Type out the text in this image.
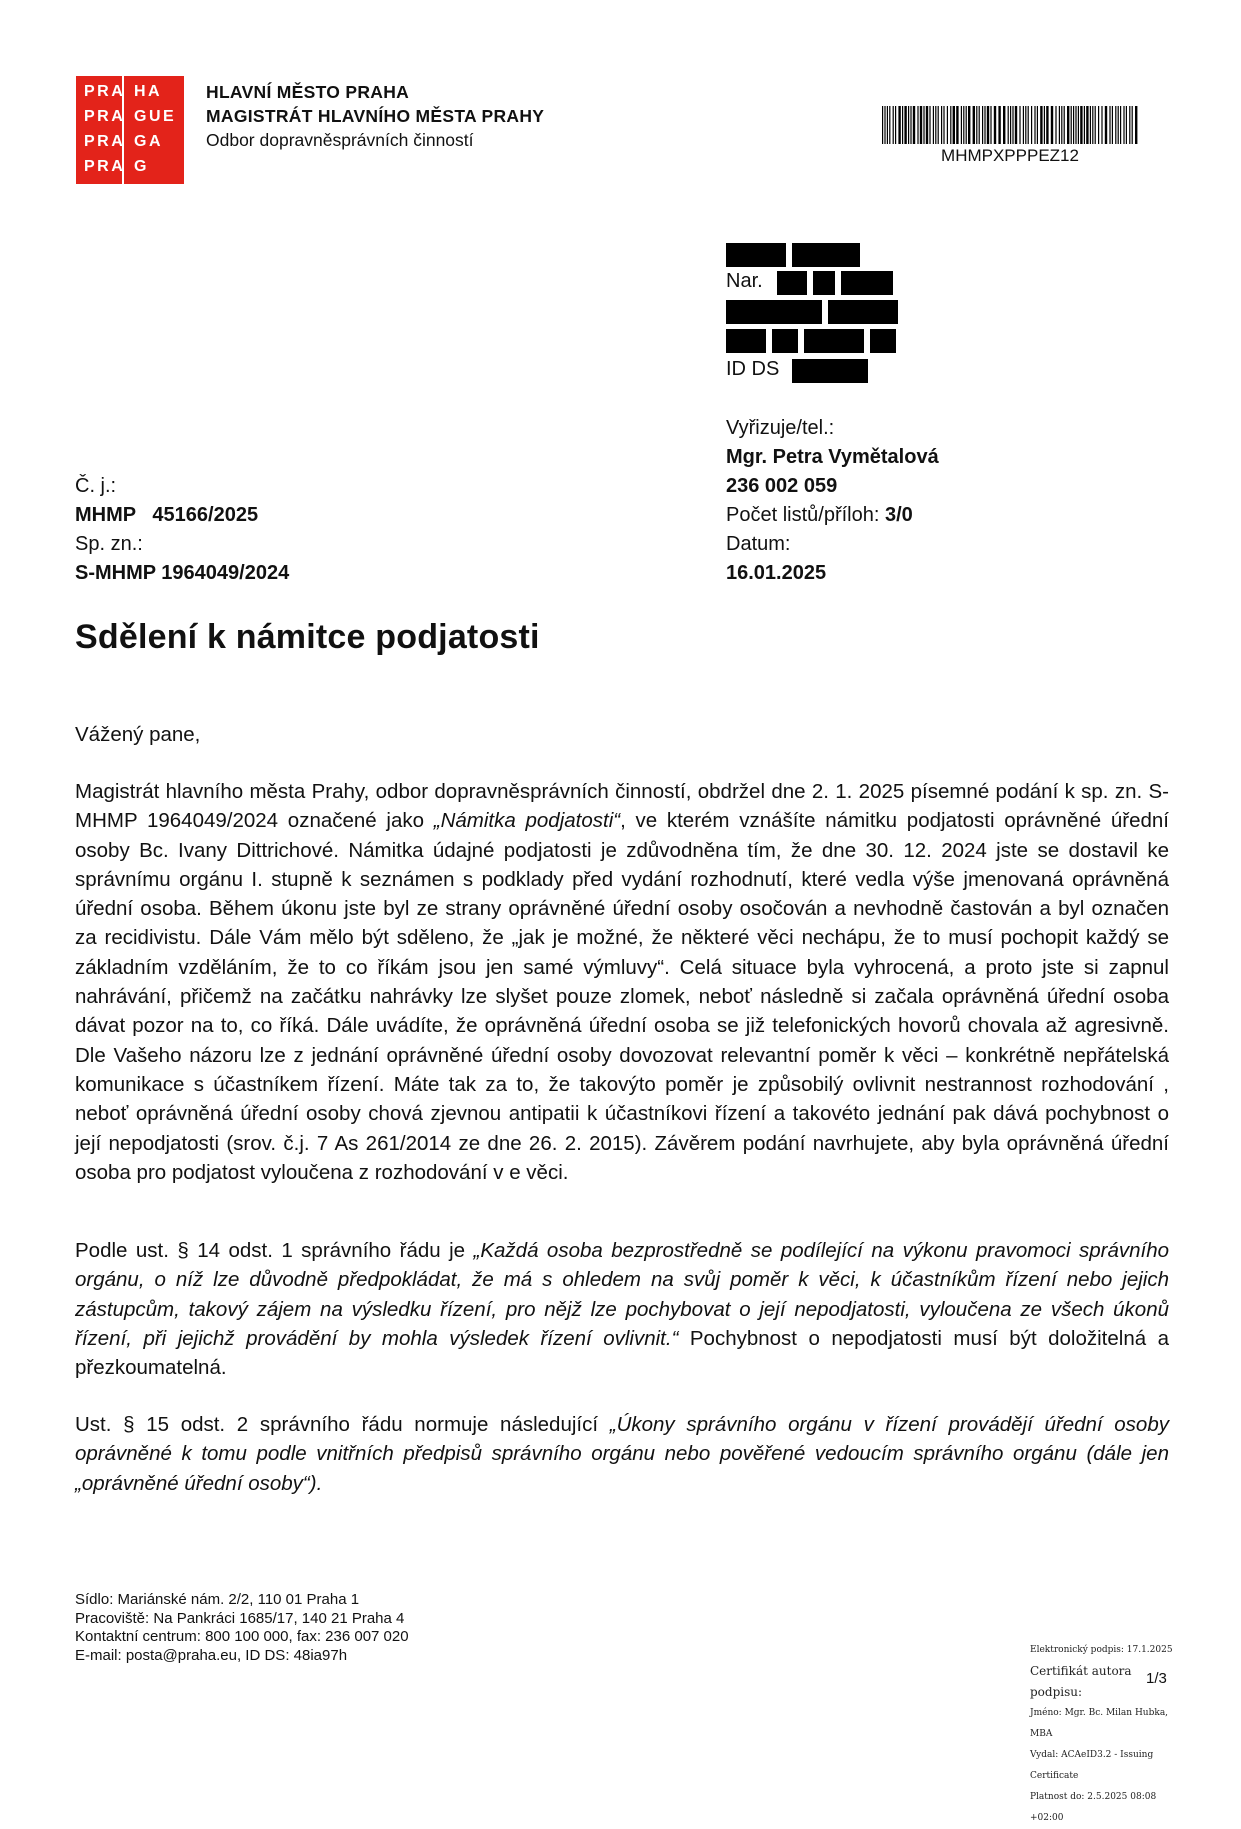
PRA HA
PRA GUE
PRA GA
PRA G
HLAVNÍ MĚSTO PRAHA
MAGISTRÁT HLAVNÍHO MĚSTA PRAHY
Odbor dopravněsprávních činností
MHMPXPPPEZ12
Nar.
ID DS
Vyřizuje/tel.:
Mgr. Petra Vymětalová
236 002 059
Počet listů/příloh: 3/0
Datum:
16.01.2025
Č. j.:
MHMP   45166/2025
Sp. zn.:
S-MHMP 1964049/2024
Sdělení k námitce podjatosti
Vážený pane,

Magistrát hlavního města Prahy, odbor dopravněsprávních činností, obdržel dne 2. 1. 2025 písemné podání k sp. zn. S-MHMP 1964049/2024 označené jako „Námitka podjatosti“, ve kterém vznášíte námitku podjatosti oprávněné úřední osoby Bc. Ivany Dittrichové. Námitka údajné podjatosti je zdůvodněna tím, že dne 30. 12. 2024 jste se dostavil ke správnímu orgánu I. stupně k seznámen s podklady před vydání rozhodnutí, které vedla výše jmenovaná oprávněná úřední osoba. Během úkonu jste byl ze strany oprávněné úřední osoby osočován a nevhodně častován a byl označen za recidivistu. Dále Vám mělo být sděleno, že „jak je možné, že některé věci nechápu, že to musí pochopit každý se základním vzděláním, že to co říkám jsou jen samé výmluvy“. Celá situace byla vyhrocená, a proto jste si zapnul nahrávání, přičemž na začátku nahrávky lze slyšet pouze zlomek, neboť následně si začala oprávněná úřední osoba dávat pozor na to, co říká. Dále uvádíte, že oprávněná úřední osoba se již telefonických hovorů chovala až agresivně. Dle Vašeho názoru lze z jednání oprávněné úřední osoby dovozovat relevantní poměr k věci – konkrétně nepřátelská komunikace s účastníkem řízení. Máte tak za to, že takovýto poměr je způsobilý ovlivnit nestrannost rozhodování , neboť oprávněná úřední osoby chová zjevnou antipatii k účastníkovi řízení a takovéto jednání pak dává pochybnost o její nepodjatosti (srov. č.j. 7 As 261/2014 ze dne 26. 2. 2015). Závěrem podání navrhujete, aby byla oprávněná úřední osoba pro podjatost vyloučena z rozhodování v e věci.

Podle ust. § 14 odst. 1 správního řádu je „Každá osoba bezprostředně se podílející na výkonu pravomoci správního orgánu, o níž lze důvodně předpokládat, že má s ohledem na svůj poměr k věci, k účastníkům řízení nebo jejich zástupcům, takový zájem na výsledku řízení, pro nějž lze pochybovat o její nepodjatosti, vyloučena ze všech úkonů řízení, při jejichž provádění by mohla výsledek řízení ovlivnit.“ Pochybnost o nepodjatosti musí být doložitelná a přezkoumatelná.

Ust. § 15 odst. 2 správního řádu normuje následující „Úkony správního orgánu v řízení provádějí úřední osoby oprávněné k tomu podle vnitřních předpisů správního orgánu nebo pověřené vedoucím správního orgánu (dále jen „oprávněné úřední osoby“).

Sídlo: Mariánské nám. 2/2, 110 01 Praha 1
Pracoviště: Na Pankráci 1685/17, 140 21 Praha 4
Kontaktní centrum: 800 100 000, fax: 236 007 020
E-mail: posta@praha.eu, ID DS: 48ia97h	Elektronický podpis: 17.1.2025
Certifikát autora podpisu:
Jméno: Mgr. Bc. Milan Hubka, MBA
Vydal: ACAeID3.2 - Issuing Certificate
Platnost do: 2.5.2025 08:08 +02:00
1/3
